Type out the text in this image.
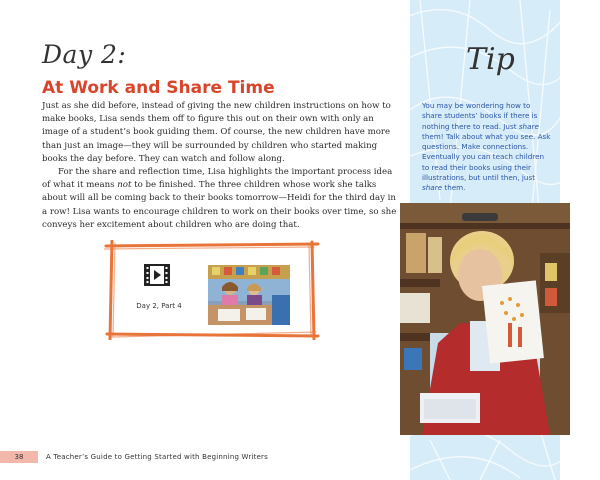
Day 2:
At Work and Share Time

Just as she did before, instead of giving the new children instructions on how to make books, Lisa sends them off to figure this out on their own with only an image of a student’s book guiding them. Of course, the new children have more than just an image—they will be surrounded by children who started making books the day before. They can watch and follow along.

For the share and reflection time, Lisa highlights the important process idea of what it means not to be finished. The three children whose work she talks about will all be coming back to their books tomorrow—Heidi for the third day in a row! Lisa wants to encourage children to work on their books over time, so she conveys her excitement about children who are doing that.

Day 2, Part 4
Tip
You may be wondering how to share students’ books if there is nothing there to read. Just share them! Talk about what you see. Ask questions. Make connections. Eventually you can teach children to read their books using their illustrations, but until then, just share them.
38	A Teacher’s Guide to Getting Started with Beginning Writers
